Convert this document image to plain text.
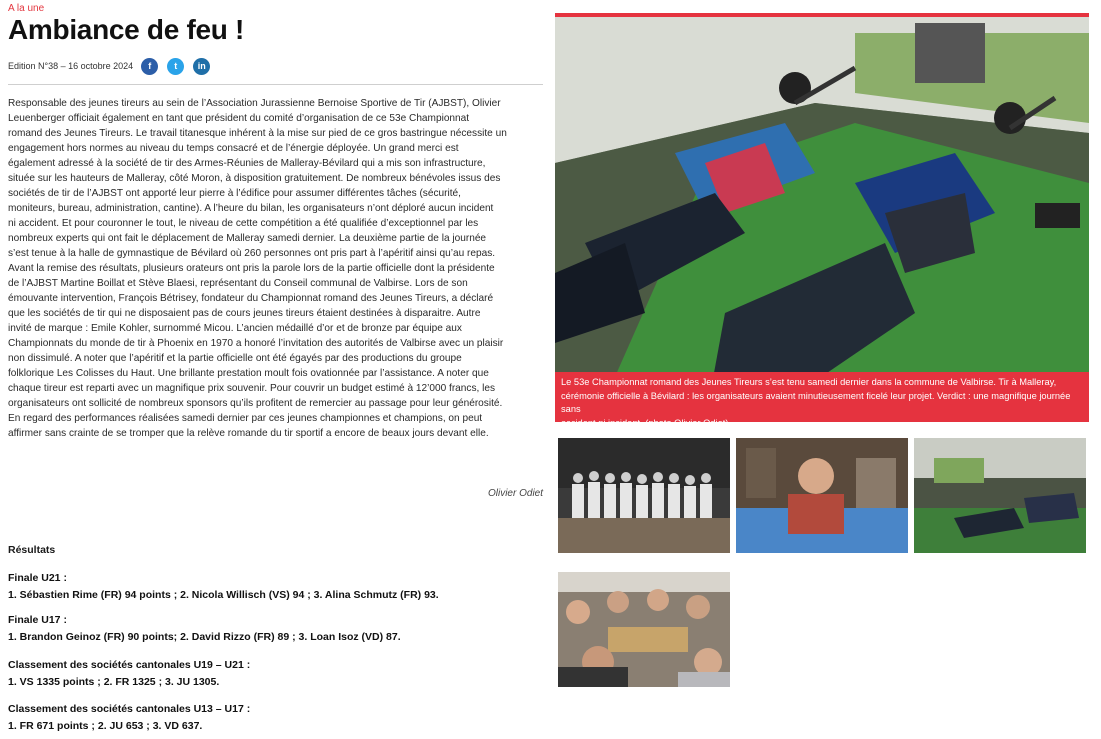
A la une
Ambiance de feu !
Edition N°38 – 16 octobre 2024	f	t	in
Responsable des jeunes tireurs au sein de l’Association Jurassienne Bernoise Sportive de Tir (AJBST), Olivier
Leuenberger officiait également en tant que président du comité d’organisation de ce 53e Championnat
romand des Jeunes Tireurs. Le travail titanesque inhérent à la mise sur pied de ce gros bastringue nécessite un
engagement hors normes au niveau du temps consacré et de l’énergie déployée. Un grand merci est
également adressé à la société de tir des Armes-Réunies de Malleray-Bévilard qui a mis son infrastructure,
située sur les hauteurs de Malleray, côté Moron, à disposition gratuitement. De nombreux bénévoles issus des
sociétés de tir de l’AJBST ont apporté leur pierre à l’édifice pour assumer différentes tâches (sécurité,
moniteurs, bureau, administration, cantine). A l’heure du bilan, les organisateurs n’ont déploré aucun incident
ni accident. Et pour couronner le tout, le niveau de cette compétition a été qualifiée d’exceptionnel par les
nombreux experts qui ont fait le déplacement de Malleray samedi dernier. La deuxième partie de la journée
s’est tenue à la halle de gymnastique de Bévilard où 260 personnes ont pris part à l’apéritif ainsi qu’au repas.
Avant la remise des résultats, plusieurs orateurs ont pris la parole lors de la partie officielle dont la présidente
de l’AJBST Martine Boillat et Stève Blaesi, représentant du Conseil communal de Valbirse. Lors de son
émouvante intervention, François Bétrisey, fondateur du Championnat romand des Jeunes Tireurs, a déclaré
que les sociétés de tir qui ne disposaient pas de cours jeunes tireurs étaient destinées à disparaitre. Autre
invité de marque : Emile Kohler, surnommé Micou. L’ancien médaillé d’or et de bronze par équipe aux
Championnats du monde de tir à Phoenix en 1970 a honoré l’invitation des autorités de Valbirse avec un plaisir
non dissimulé. A noter que l’apéritif et la partie officielle ont été égayés par des productions du groupe
folklorique Les Colisses du Haut. Une brillante prestation moult fois ovationnée par l’assistance. A noter que
chaque tireur est reparti avec un magnifique prix souvenir. Pour couvrir un budget estimé à 12’000 francs, les
organisateurs ont sollicité de nombreux sponsors qu’ils profitent de remercier au passage pour leur générosité.
En regard des performances réalisées samedi dernier par ces jeunes championnes et champions, on peut
affirmer sans crainte de se tromper que la relève romande du tir sportif a encore de beaux jours devant elle.
Olivier Odiet
Résultats
Finale U21 :
1. Sébastien Rime (FR) 94 points ; 2. Nicola Willisch (VS) 94 ; 3. Alina Schmutz (FR) 93.
Finale U17 :
1. Brandon Geinoz (FR) 90 points; 2. David Rizzo (FR) 89 ; 3. Loan Isoz (VD) 87.
Classement des sociétés cantonales U19 – U21 :
1. VS 1335 points ; 2. FR 1325 ; 3. JU 1305.
Classement des sociétés cantonales U13 – U17 :
1. FR 671 points ; 2. JU 653 ; 3. VD 637.
Le 53e Championnat romand des Jeunes Tireurs s’est tenu samedi dernier dans la commune de Valbirse. Tir à Malleray,
cérémonie officielle à Bévilard : les organisateurs avaient minutieusement ficelé leur projet. Verdict : une magnifique journée sans
accident ni incident. (photo Olivier Odiet)
